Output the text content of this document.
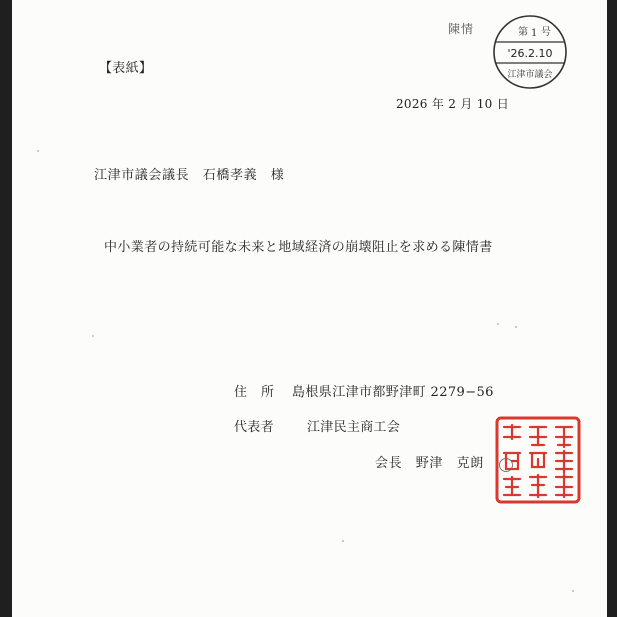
【表紙】
2026 年 2 月 10 日
江津市議会議長　石橋孝義　様
中小業者の持続可能な未来と地域経済の崩壊阻止を求める陳情書
住　所 島根県江津市都野津町 2279−56
代表者	江津民主商工会
会長　野津　克朗
陳情	第 1 号
'26.2.10
江津市議会
